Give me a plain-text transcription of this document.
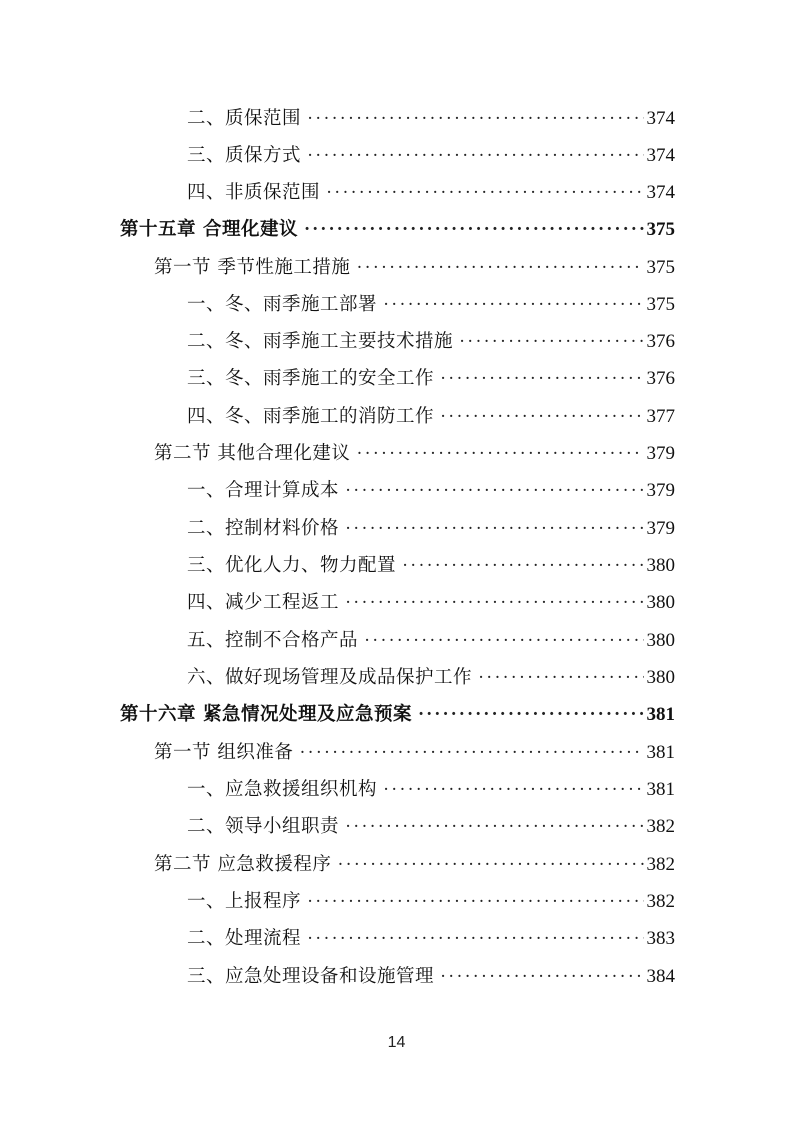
二、质保范围 ·····	374
三、质保方式 ·····	374
四、非质保范围 ·····	374
第十五章 合理化建议 ·····	375
第一节 季节性施工措施 ·····	375
一、冬、雨季施工部署 ·····	375
二、冬、雨季施工主要技术措施 ·····	376
三、冬、雨季施工的安全工作 ·····	376
四、冬、雨季施工的消防工作 ·····	377
第二节 其他合理化建议 ·····	379
一、合理计算成本 ·····	379
二、控制材料价格 ·····	379
三、优化人力、物力配置 ·····	380
四、减少工程返工 ·····	380
五、控制不合格产品 ·····	380
六、做好现场管理及成品保护工作 ·····	380
第十六章 紧急情况处理及应急预案 ·····	381
第一节 组织准备 ·····	381
一、应急救援组织机构 ·····	381
二、领导小组职责 ·····	382
第二节 应急救援程序 ·····	382
一、上报程序 ·····	382
二、处理流程 ·····	383
三、应急处理设备和设施管理 ·····	384
14
